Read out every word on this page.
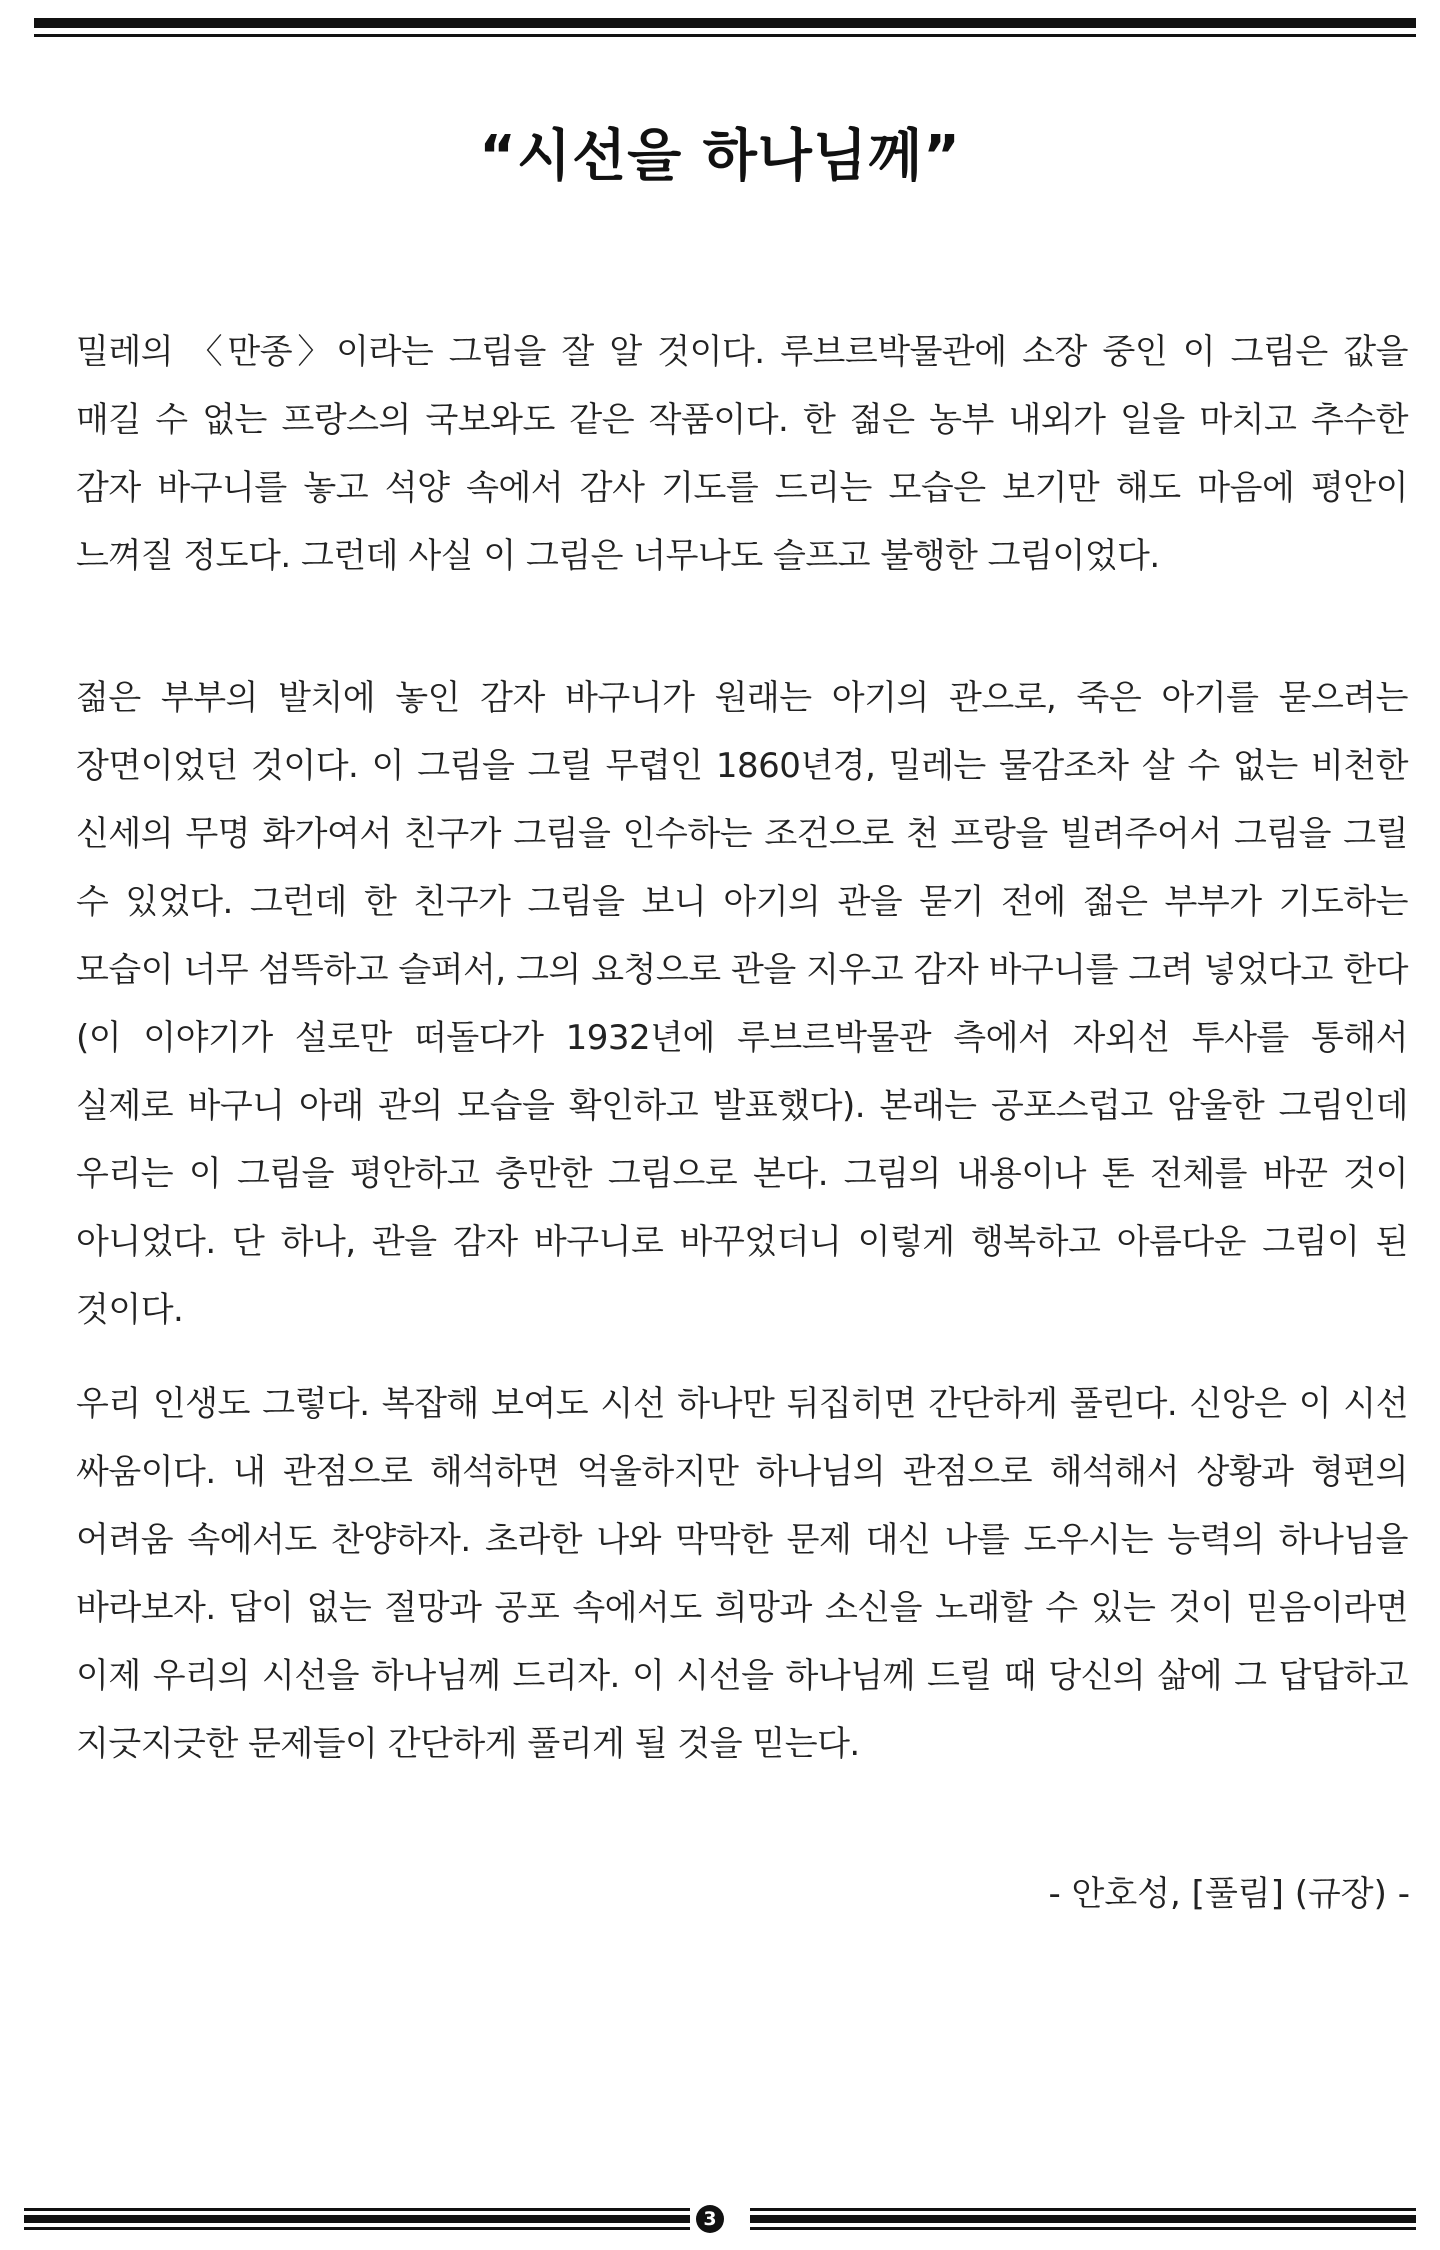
“시선을 하나님께”
밀레의 〈만종〉이라는 그림을 잘 알 것이다. 루브르박물관에 소장 중인 이 그림은 값을 매길 수 없는 프랑스의 국보와도 같은 작품이다. 한 젊은 농부 내외가 일을 마치고 추수한 감자 바구니를 놓고 석양 속에서 감사 기도를 드리는 모습은 보기만 해도 마음에 평안이 느껴질 정도다. 그런데 사실 이 그림은 너무나도 슬프고 불행한 그림이었다.
젊은 부부의 발치에 놓인 감자 바구니가 원래는 아기의 관으로, 죽은 아기를 묻으려는 장면이었던 것이다. 이 그림을 그릴 무렵인 1860년경, 밀레는 물감조차 살 수 없는 비천한 신세의 무명 화가여서 친구가 그림을 인수하는 조건으로 천 프랑을 빌려주어서 그림을 그릴 수 있었다. 그런데 한 친구가 그림을 보니 아기의 관을 묻기 전에 젊은 부부가 기도하는 모습이 너무 섬뜩하고 슬퍼서, 그의 요청으로 관을 지우고 감자 바구니를 그려 넣었다고 한다(이 이야기가 설로만 떠돌다가 1932년에 루브르박물관 측에서 자외선 투사를 통해서 실제로 바구니 아래 관의 모습을 확인하고 발표했다). 본래는 공포스럽고 암울한 그림인데 우리는 이 그림을 평안하고 충만한 그림으로 본다. 그림의 내용이나 톤 전체를 바꾼 것이 아니었다. 단 하나, 관을 감자 바구니로 바꾸었더니 이렇게 행복하고 아름다운 그림이 된 것이다.
우리 인생도 그렇다. 복잡해 보여도 시선 하나만 뒤집히면 간단하게 풀린다. 신앙은 이 시선 싸움이다. 내 관점으로 해석하면 억울하지만 하나님의 관점으로 해석해서 상황과 형편의 어려움 속에서도 찬양하자. 초라한 나와 막막한 문제 대신 나를 도우시는 능력의 하나님을 바라보자. 답이 없는 절망과 공포 속에서도 희망과 소신을 노래할 수 있는 것이 믿음이라면 이제 우리의 시선을 하나님께 드리자. 이 시선을 하나님께 드릴 때 당신의 삶에 그 답답하고 지긋지긋한 문제들이 간단하게 풀리게 될 것을 믿는다.
- 안호성, [풀림] (규장) -
3
